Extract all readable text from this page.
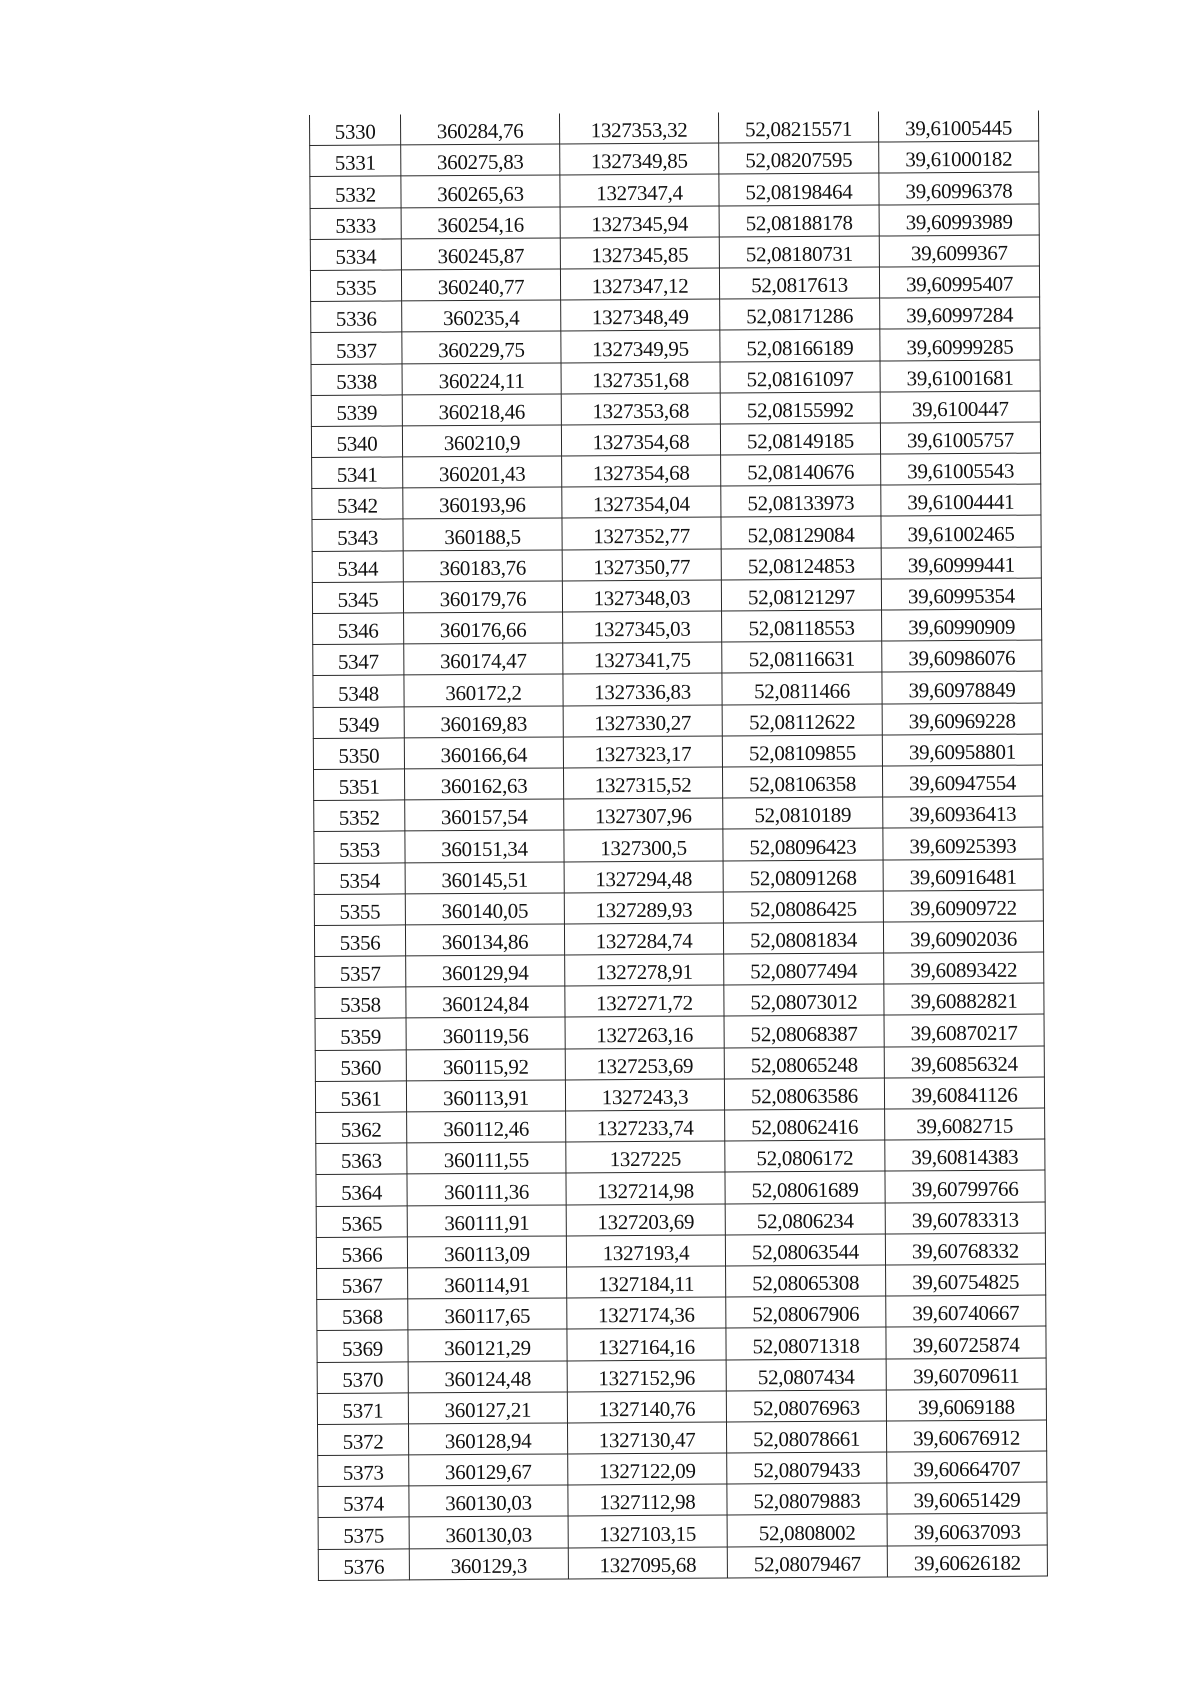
5330	360284,76	1327353,32	52,08215571	39,61005445
5331	360275,83	1327349,85	52,08207595	39,61000182
5332	360265,63	1327347,4	52,08198464	39,60996378
5333	360254,16	1327345,94	52,08188178	39,60993989
5334	360245,87	1327345,85	52,08180731	39,6099367
5335	360240,77	1327347,12	52,0817613	39,60995407
5336	360235,4	1327348,49	52,08171286	39,60997284
5337	360229,75	1327349,95	52,08166189	39,60999285
5338	360224,11	1327351,68	52,08161097	39,61001681
5339	360218,46	1327353,68	52,08155992	39,6100447
5340	360210,9	1327354,68	52,08149185	39,61005757
5341	360201,43	1327354,68	52,08140676	39,61005543
5342	360193,96	1327354,04	52,08133973	39,61004441
5343	360188,5	1327352,77	52,08129084	39,61002465
5344	360183,76	1327350,77	52,08124853	39,60999441
5345	360179,76	1327348,03	52,08121297	39,60995354
5346	360176,66	1327345,03	52,08118553	39,60990909
5347	360174,47	1327341,75	52,08116631	39,60986076
5348	360172,2	1327336,83	52,0811466	39,60978849
5349	360169,83	1327330,27	52,08112622	39,60969228
5350	360166,64	1327323,17	52,08109855	39,60958801
5351	360162,63	1327315,52	52,08106358	39,60947554
5352	360157,54	1327307,96	52,0810189	39,60936413
5353	360151,34	1327300,5	52,08096423	39,60925393
5354	360145,51	1327294,48	52,08091268	39,60916481
5355	360140,05	1327289,93	52,08086425	39,60909722
5356	360134,86	1327284,74	52,08081834	39,60902036
5357	360129,94	1327278,91	52,08077494	39,60893422
5358	360124,84	1327271,72	52,08073012	39,60882821
5359	360119,56	1327263,16	52,08068387	39,60870217
5360	360115,92	1327253,69	52,08065248	39,60856324
5361	360113,91	1327243,3	52,08063586	39,60841126
5362	360112,46	1327233,74	52,08062416	39,6082715
5363	360111,55	1327225	52,0806172	39,60814383
5364	360111,36	1327214,98	52,08061689	39,60799766
5365	360111,91	1327203,69	52,0806234	39,60783313
5366	360113,09	1327193,4	52,08063544	39,60768332
5367	360114,91	1327184,11	52,08065308	39,60754825
5368	360117,65	1327174,36	52,08067906	39,60740667
5369	360121,29	1327164,16	52,08071318	39,60725874
5370	360124,48	1327152,96	52,0807434	39,60709611
5371	360127,21	1327140,76	52,08076963	39,6069188
5372	360128,94	1327130,47	52,08078661	39,60676912
5373	360129,67	1327122,09	52,08079433	39,60664707
5374	360130,03	1327112,98	52,08079883	39,60651429
5375	360130,03	1327103,15	52,0808002	39,60637093
5376	360129,3	1327095,68	52,08079467	39,60626182
